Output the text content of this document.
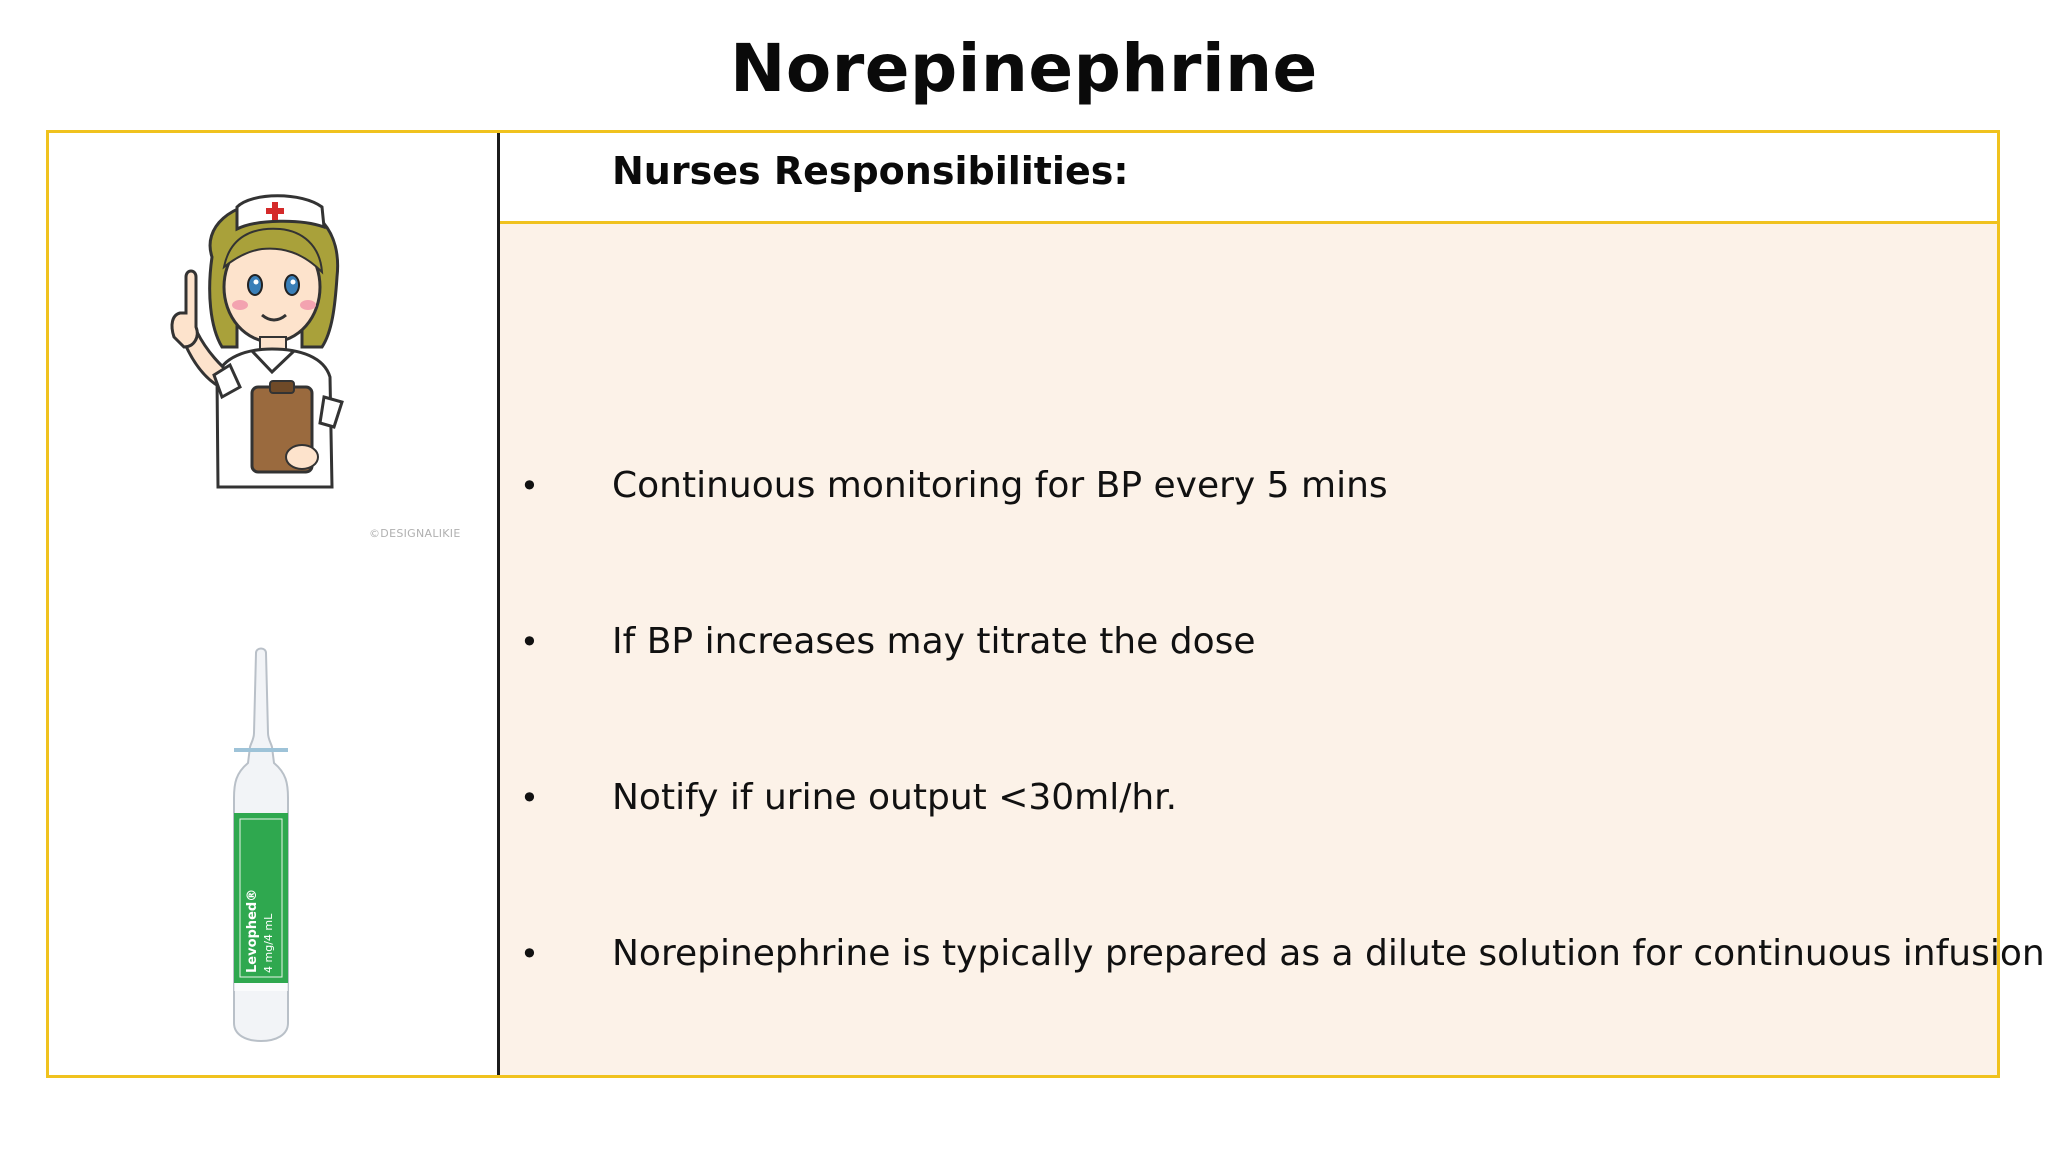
Norepinephrine
©DESIGNALIKIE
Levophed® 4 mg/4 mL
Nurses Responsibilities:
• Continuous monitoring for BP every 5 mins
• If BP increases may titrate the dose
• Notify if urine output <30ml/hr.
• Norepinephrine is typically prepared as a dilute solution for continuous infusion
